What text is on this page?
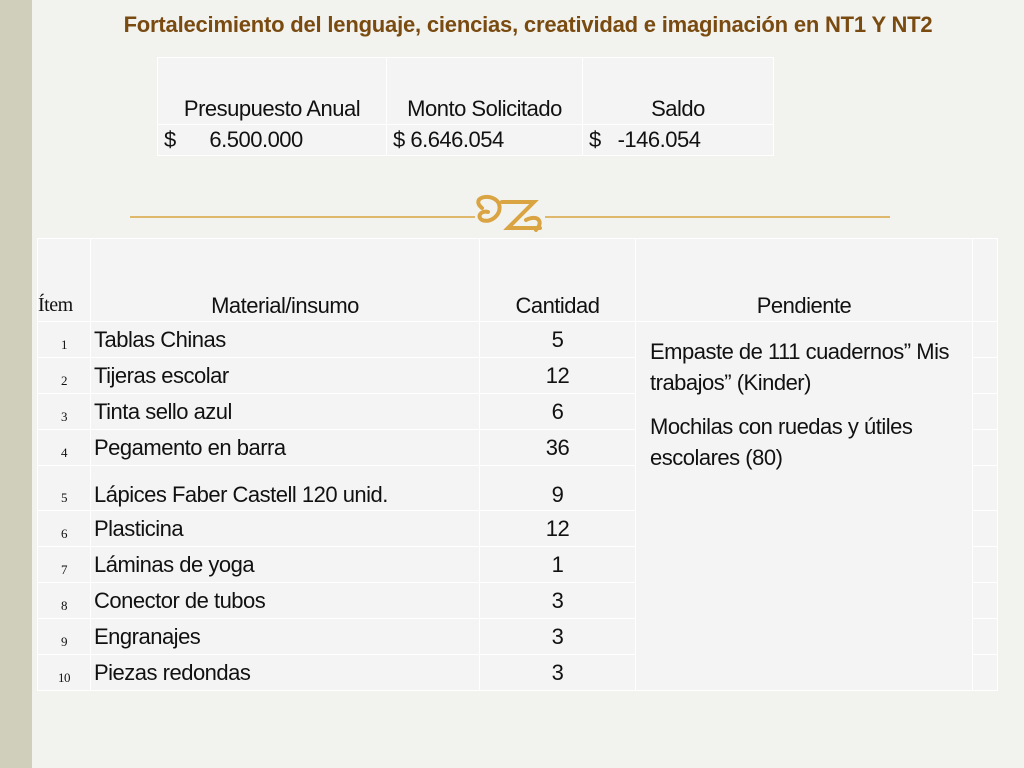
Fortalecimiento del lenguaje, ciencias, creatividad e imaginación en NT1 Y NT2
Presupuesto Anual	Monto Solicitado	Saldo
$      6.500.000	$ 6.646.054	$   -146.054
Ítem	Material/insumo	Cantidad	Pendiente	
1	Tablas Chinas	5	Empaste de 111 cuadernos” Mis trabajos” (Kinder)
Mochilas con ruedas y útiles escolares (80)	

2	Tijeras escolar	12		
3	Tinta sello azul	6		
4	Pegamento en barra	36		
5	Lápices Faber Castell 120 unid.	9		
6	Plasticina	12		
7	Láminas de yoga	1		
8	Conector de tubos	3		
9	Engranajes	3		
10	Piezas redondas	3		
